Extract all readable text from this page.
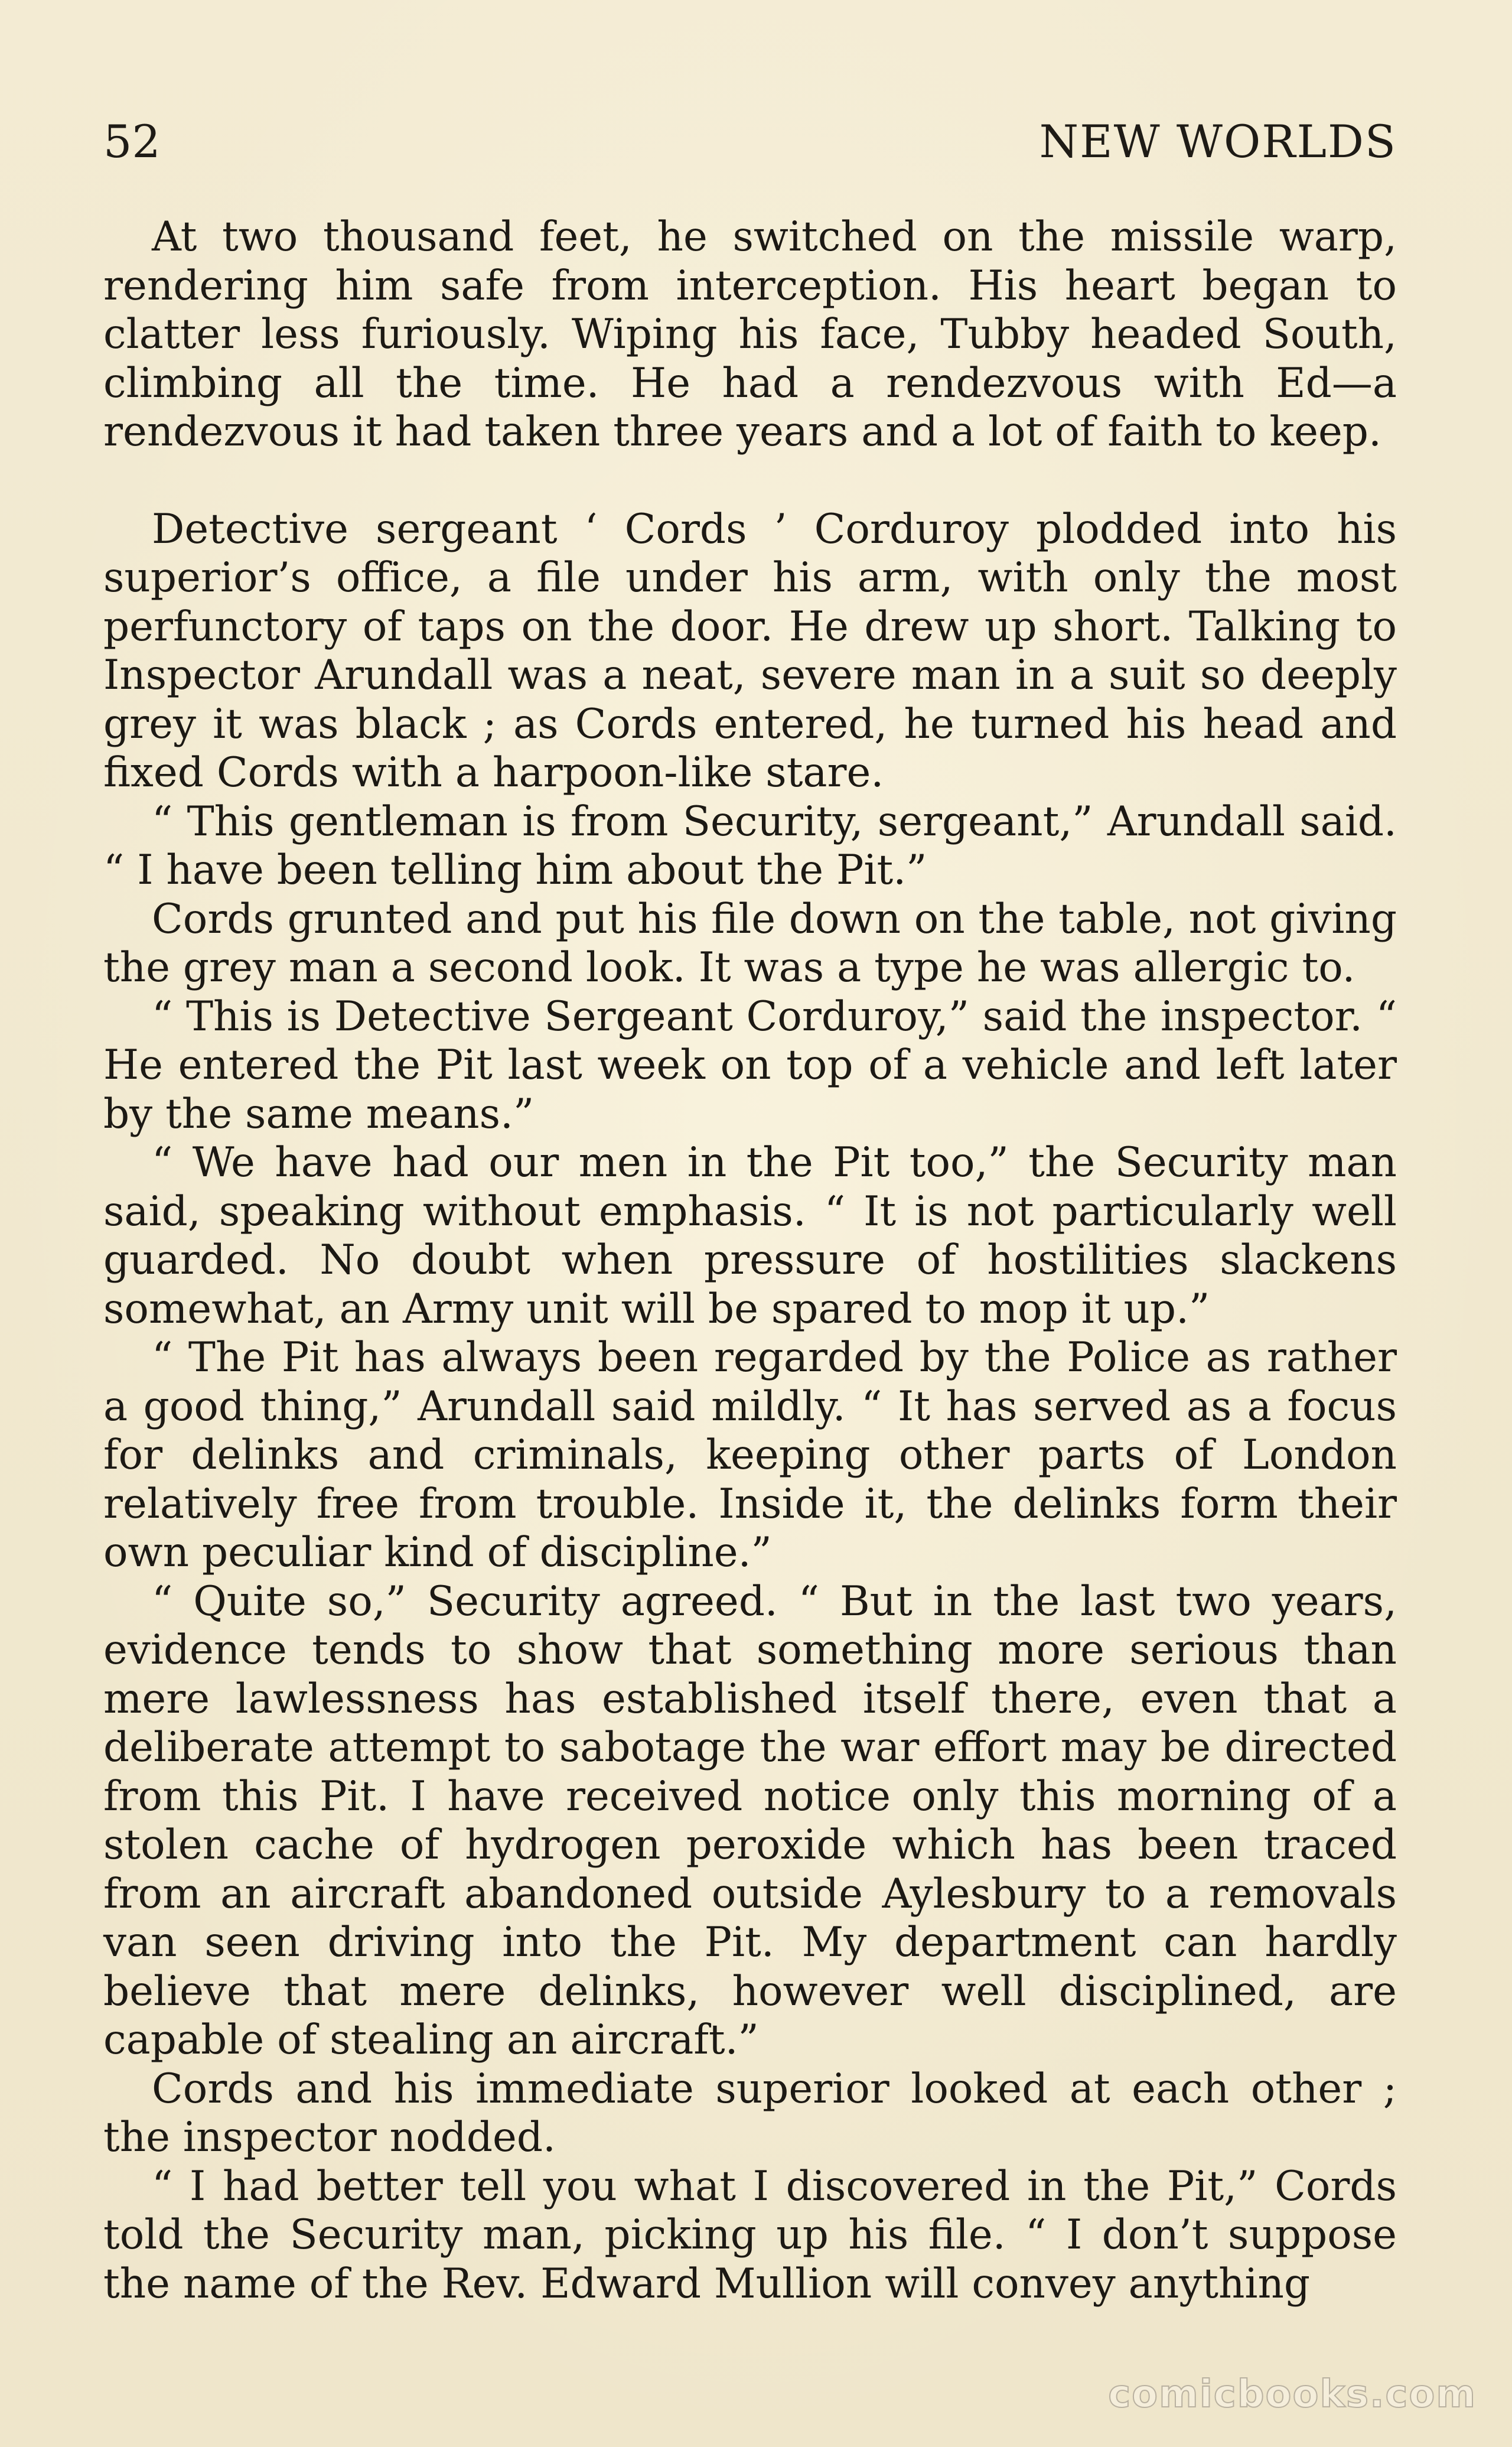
52	NEW WORLDS

At two thousand feet, he switched on the missile warp, rendering him safe from interception. His heart began to clatter less furiously. Wiping his face, Tubby headed South, climbing all the time. He had a rendezvous with Ed—a rendezvous it had taken three years and a lot of faith to keep.

Detective sergeant ‘ Cords ’ Corduroy plodded into his superior’s office, a file under his arm, with only the most perfunctory of taps on the door. He drew up short. Talking to Inspector Arundall was a neat, severe man in a suit so deeply grey it was black ; as Cords entered, he turned his head and fixed Cords with a harpoon-like stare.

“ This gentleman is from Security, sergeant,” Arundall said. “ I have been telling him about the Pit.”

Cords grunted and put his file down on the table, not giving the grey man a second look. It was a type he was allergic to.

“ This is Detective Sergeant Corduroy,” said the inspector. “ He entered the Pit last week on top of a vehicle and left later by the same means.”

“ We have had our men in the Pit too,” the Security man said, speaking without emphasis. “ It is not particularly well guarded. No doubt when pressure of hostilities slackens somewhat, an Army unit will be spared to mop it up.”

“ The Pit has always been regarded by the Police as rather a good thing,” Arundall said mildly. “ It has served as a focus for delinks and criminals, keeping other parts of London relatively free from trouble. Inside it, the delinks form their own peculiar kind of discipline.”

“ Quite so,” Security agreed. “ But in the last two years, evidence tends to show that something more serious than mere lawlessness has established itself there, even that a deliberate attempt to sabotage the war effort may be directed from this Pit. I have received notice only this morning of a stolen cache of hydrogen peroxide which has been traced from an aircraft abandoned outside Aylesbury to a removals van seen driving into the Pit. My department can hardly believe that mere delinks, however well disciplined, are capable of stealing an aircraft.”

Cords and his immediate superior looked at each other ; the inspector nodded.

“ I had better tell you what I discovered in the Pit,” Cords told the Security man, picking up his file. “ I don’t suppose the name of the Rev. Edward Mullion will convey anything

comicbooks.com
